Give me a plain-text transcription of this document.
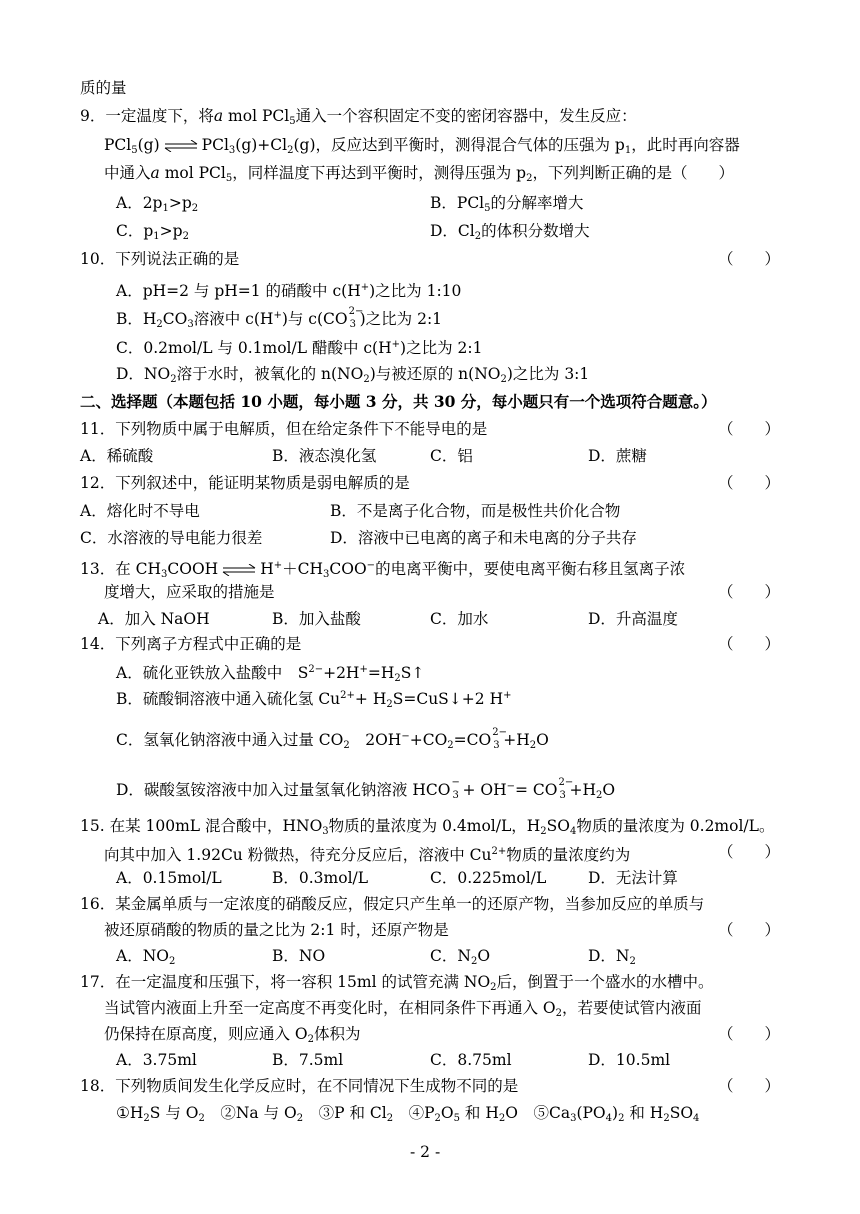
质的量
9．一定温度下，将a mol PCl$_5$通入一个容积固定不变的密闭容器中，发生反应：
PCl$_5$(g) ⇌ $PCl_3(g)+Cl_2(g)$，反应达到平衡时，测得混合气体的压强为 $p_1$，此时再向容器
中通入a mol PCl$_5$，同样温度下再达到平衡时，测得压强为 $p_2$，下列判断正确的是（　　）
A．$2p_1>p_2$	B．PCl$_5$的分解率增大
C．$p_1>p_2$	D．$Cl_2$的体积分数增大
10．下列说法正确的是	（　　）
A．pH=2 与 pH=1 的硝酸中 c(H+)之比为 1:10
B．$H_2CO_3$溶液中 c(H+)与 c(CO 2−
3 )之比为 2:1
C．0.2mol/L 与 0.1mol/L 醋酸中 c(H+)之比为 2:1
D．$NO_2$溶于水时，被氧化的 $n(NO_2)$与被还原的 $n(NO_2)$之比为 3:1
二、选择题（本题包括 10 小题，每小题 3 分，共 30 分，每小题只有一个选项符合题意。）
11．下列物质中属于电解质，但在给定条件下不能导电的是	（　　）
A．稀硫酸	B．液态溴化氢	C．铝	D．蔗糖
12．下列叙述中，能证明某物质是弱电解质的是	（　　）
A．熔化时不导电	B．不是离子化合物，而是极性共价化合物
C．水溶液的导电能力很差	D．溶液中已电离的离子和未电离的分子共存
13．在 $CH_3COOH$ ⇌ $H^++CH_3COO^-$的电离平衡中，要使电离平衡右移且氢离子浓
度增大，应采取的措施是	（　　）
A．加入 NaOH	B．加入盐酸	C．加水	D．升高温度
14．下列离子方程式中正确的是	（　　）
A．硫化亚铁放入盐酸中　$S^{2-}+2H^+=H_2S↑$
B．硫酸铜溶液中通入硫化氢 $Cu^{2+}+$ $H_2S=CuS↓+2$ H+
C．氢氧化钠溶液中通入过量 $CO_2$　$2OH^-+CO_2=CO$ 2−
$3 +H_2O$
D．碳酸氢铵溶液中加入过量氢氧化钠溶液 HCO −
3 + OH−= CO 2−
$3 +H_2O$
15. 在某 100mL 混合酸中，$HNO_3$物质的量浓度为 0.4mol/L，$H_2SO_4$物质的量浓度为 0.2mol/L。
向其中加入 1.92Cu 粉微热，待充分反应后，溶液中 $Cu^{2+}$物质的量浓度约为	（　　）
A．0.15mol/L	B．0.3mol/L	C．0.225mol/L	D．无法计算
16．某金属单质与一定浓度的硝酸反应，假定只产生单一的还原产物，当参加反应的单质与
被还原硝酸的物质的量之比为 2:1 时，还原产物是	（　　）
A．$NO_2$	B．NO	C．$N_2O$	D．$N_2$
17．在一定温度和压强下，将一容积 15ml 的试管充满 $NO_2$后，倒置于一个盛水的水槽中。
当试管内液面上升至一定高度不再变化时，在相同条件下再通入 $O_2$，若要使试管内液面
仍保持在原高度，则应通入 $O_2$体积为	（　　）
A．3.75ml	B．7.5ml	C．8.75ml	D．10.5ml
18．下列物质间发生化学反应时，在不同情况下生成物不同的是	（　　）
$①H_2S$ 与 $O_2$　②Na 与 $O_2$　③P 和 $Cl_2$　$④P_2O_5$ 和 $H_2O$　$⑤Ca_3(PO_4)_2$ 和 $H_2SO_4$
- 2 -
